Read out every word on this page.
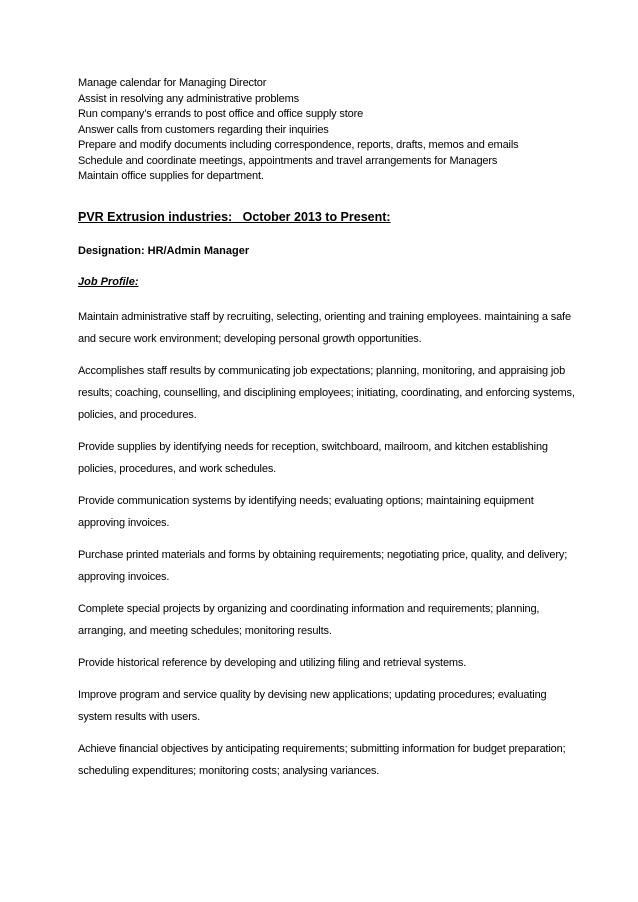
Manage calendar for Managing Director
Assist in resolving any administrative problems
Run company’s errands to post office and office supply store
Answer calls from customers regarding their inquiries
Prepare and modify documents including correspondence, reports, drafts, memos and emails
Schedule and coordinate meetings, appointments and travel arrangements for Managers
Maintain office supplies for department.
PVR Extrusion industries:   October 2013 to Present:
Designation: HR/Admin Manager
Job Profile:

Maintain administrative staff by recruiting, selecting, orienting and training employees. maintaining a safe and secure work environment; developing personal growth opportunities.

Accomplishes staff results by communicating job expectations; planning, monitoring, and appraising job results; coaching, counselling, and disciplining employees; initiating, coordinating, and enforcing systems, policies, and procedures.

Provide supplies by identifying needs for reception, switchboard, mailroom, and kitchen establishing policies, procedures, and work schedules.

Provide communication systems by identifying needs; evaluating options; maintaining equipment approving invoices.

Purchase printed materials and forms by obtaining requirements; negotiating price, quality, and delivery; approving invoices.

Complete special projects by organizing and coordinating information and requirements; planning, arranging, and meeting schedules; monitoring results.

Provide historical reference by developing and utilizing filing and retrieval systems.

Improve program and service quality by devising new applications; updating procedures; evaluating system results with users.

Achieve financial objectives by anticipating requirements; submitting information for budget preparation; scheduling expenditures; monitoring costs; analysing variances.
